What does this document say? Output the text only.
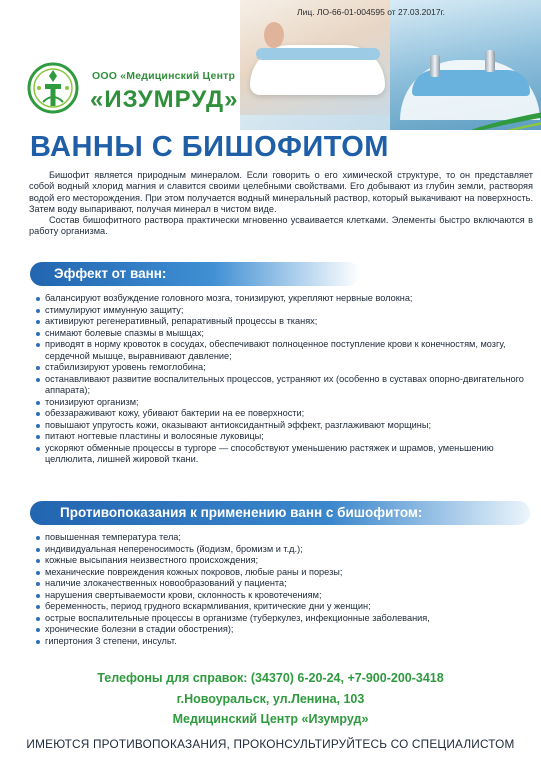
Лиц. ЛО-66-01-004595 от 27.03.2017г.
ООО «Медицинский Центр
«ИЗУМРУД»
ВАННЫ С БИШОФИТОМ

Бишофит является природным минералом. Если говорить о его химической структуре, то он представляет собой водный хлорид магния и славится своими целебными свойствами. Его добывают из глубин земли, растворяя водой его месторождения. При этом получается водный минеральный раствор, который выкачивают на поверхность. Затем воду выпаривают, получая минерал в чистом виде.

Состав бишофитного раствора практически мгновенно усваивается клетками. Элементы быстро включаются в работу организма.

Эффект от ванн:
балансируют возбуждение головного мозга, тонизируют, укрепляют нервные волокна;
стимулируют иммунную защиту;
активируют регенеративный, репаративный процессы в тканях;
снимают болевые спазмы в мышцах;
приводят в норму кровоток в сосудах, обеспечивают полноценное поступление крови к конечностям, мозгу, сердечной мышце, выравнивают давление;
стабилизируют уровень гемоглобина;
останавливают развитие воспалительных процессов, устраняют их (особенно в суставах опорно-двигательного аппарата);
тонизируют организм;
обеззараживают кожу, убивают бактерии на ее поверхности;
повышают упругость кожи, оказывают антиоксидантный эффект, разглаживают морщины;
питают ногтевые пластины и волосяные луковицы;
ускоряют обменные процессы в тургоре — способствуют уменьшению растяжек и шрамов, уменьшению целлюлита, лишней жировой ткани.
Противопоказания к применению ванн с бишофитом:
повышенная температура тела;
индивидуальная непереносимость (йодизм, бромизм и т.д.);
кожные высыпания неизвестного происхождения;
механические повреждения кожных покровов, любые раны и порезы;
наличие злокачественных новообразований у пациента;
нарушения свертываемости крови, склонность к кровотечениям;
беременность, период грудного вскармливания, критические дни у женщин;
острые воспалительные процессы в организме (туберкулез, инфекционные заболевания,
хронические болезни в стадии обострения);
гипертония 3 степени, инсульт.
Телефоны для справок: (34370) 6-20-24, +7-900-200-3418
г.Новоуральск, ул.Ленина, 103
Медицинский Центр «Изумруд»
ИМЕЮТСЯ ПРОТИВОПОКАЗАНИЯ, ПРОКОНСУЛЬТИРУЙТЕСЬ СО СПЕЦИАЛИСТОМ
